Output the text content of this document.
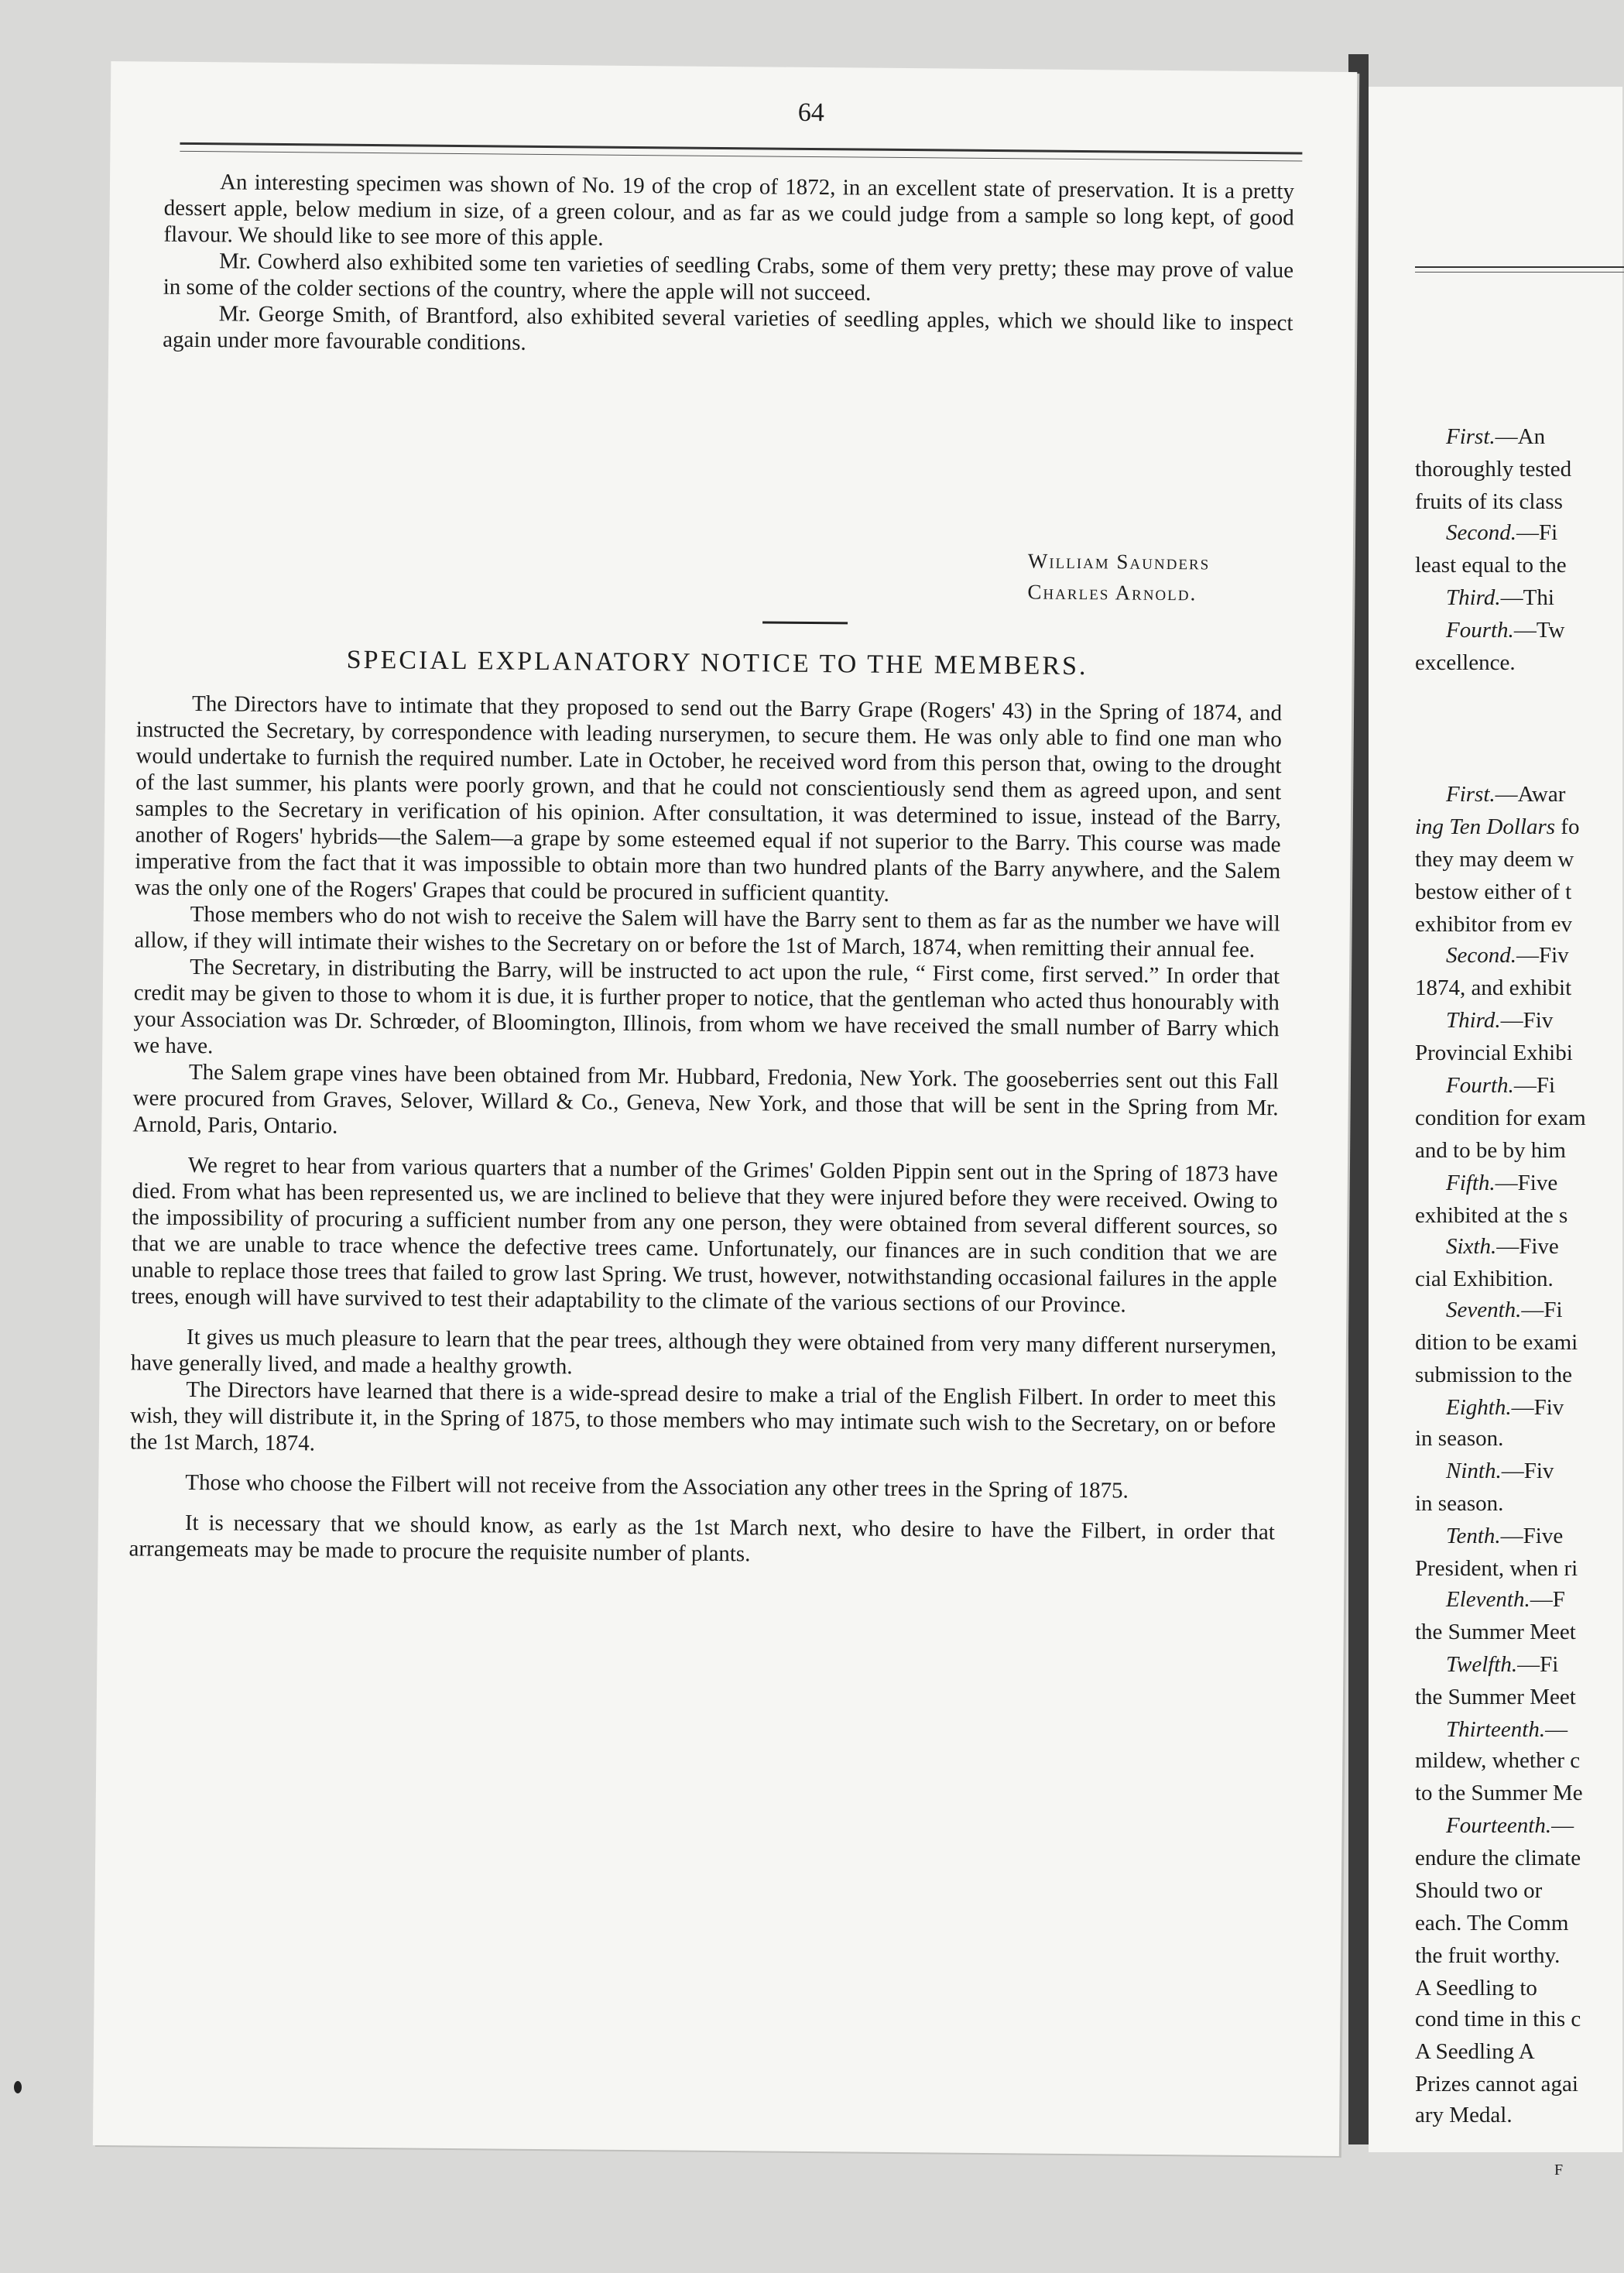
64

An interesting specimen was shown of No. 19 of the crop of 1872, in an excellent state of preservation. It is a pretty dessert apple, below medium in size, of a green colour, and as far as we could judge from a sample so long kept, of good flavour. We should like to see more of this apple.

Mr. Cowherd also exhibited some ten varieties of seedling Crabs, some of them very pretty; these may prove of value in some of the colder sections of the country, where the apple will not succeed.

Mr. George Smith, of Brantford, also exhibited several varieties of seedling apples, which we should like to inspect again under more favourable conditions.

William Saunders
Charles Arnold.
SPECIAL EXPLANATORY NOTICE TO THE MEMBERS.

The Directors have to intimate that they proposed to send out the Barry Grape (Rogers' 43) in the Spring of 1874, and instructed the Secretary, by correspondence with leading nurserymen, to secure them. He was only able to find one man who would undertake to furnish the required number. Late in October, he received word from this person that, owing to the drought of the last summer, his plants were poorly grown, and that he could not conscientiously send them as agreed upon, and sent samples to the Secretary in verification of his opinion. After consultation, it was determined to issue, instead of the Barry, another of Rogers' hybrids—the Salem—a grape by some esteemed equal if not superior to the Barry. This course was made imperative from the fact that it was impossible to obtain more than two hundred plants of the Barry anywhere, and the Salem was the only one of the Rogers' Grapes that could be procured in sufficient quantity.

Those members who do not wish to receive the Salem will have the Barry sent to them as far as the number we have will allow, if they will intimate their wishes to the Secretary on or before the 1st of March, 1874, when remitting their annual fee.

The Secretary, in distributing the Barry, will be instructed to act upon the rule, “ First come, first served.” In order that credit may be given to those to whom it is due, it is further proper to notice, that the gentleman who acted thus honourably with your Association was Dr. Schrœder, of Bloomington, Illinois, from whom we have received the small number of Barry which we have.

The Salem grape vines have been obtained from Mr. Hubbard, Fredonia, New York. The gooseberries sent out this Fall were procured from Graves, Selover, Willard & Co., Geneva, New York, and those that will be sent in the Spring from Mr. Arnold, Paris, Ontario.

We regret to hear from various quarters that a number of the Grimes' Golden Pippin sent out in the Spring of 1873 have died. From what has been represented us, we are inclined to believe that they were injured before they were received. Owing to the impossibility of procuring a sufficient number from any one person, they were obtained from several different sources, so that we are unable to trace whence the defective trees came. Unfortunately, our finances are in such condition that we are unable to replace those trees that failed to grow last Spring. We trust, however, notwithstanding occasional failures in the apple trees, enough will have survived to test their adaptability to the climate of the various sections of our Province.

It gives us much pleasure to learn that the pear trees, although they were obtained from very many different nurserymen, have generally lived, and made a healthy growth.

The Directors have learned that there is a wide-spread desire to make a trial of the English Filbert. In order to meet this wish, they will distribute it, in the Spring of 1875, to those members who may intimate such wish to the Secretary, on or before the 1st March, 1874.

Those who choose the Filbert will not receive from the Association any other trees in the Spring of 1875.

It is necessary that we should know, as early as the 1st March next, who desire to have the Filbert, in order that arrangemeats may be made to procure the requisite number of plants.

First.—An
thoroughly tested
fruits of its class
Second.—Fi
least equal to the
Third.—Thi
Fourth.—Tw
excellence.
First.—Awar
ing Ten Dollars fo
they may deem w
bestow either of t
exhibitor from ev
Second.—Fiv
1874, and exhibit
Third.—Fiv
Provincial Exhibi
Fourth.—Fi
condition for exam
and to be by him
Fifth.—Five
exhibited at the s
Sixth.—Five
cial Exhibition.
Seventh.—Fi
dition to be exami
submission to the
Eighth.—Fiv
in season.
Ninth.—Fiv
in season.
Tenth.—Five
President, when ri
Eleventh.—F
the Summer Meet
Twelfth.—Fi
the Summer Meet
Thirteenth.—
mildew, whether c
to the Summer Me
Fourteenth.—
endure the climate
Should two or
each. The Comm
the fruit worthy.
A Seedling to
cond time in this c
A Seedling A
Prizes cannot agai
ary Medal.
F
